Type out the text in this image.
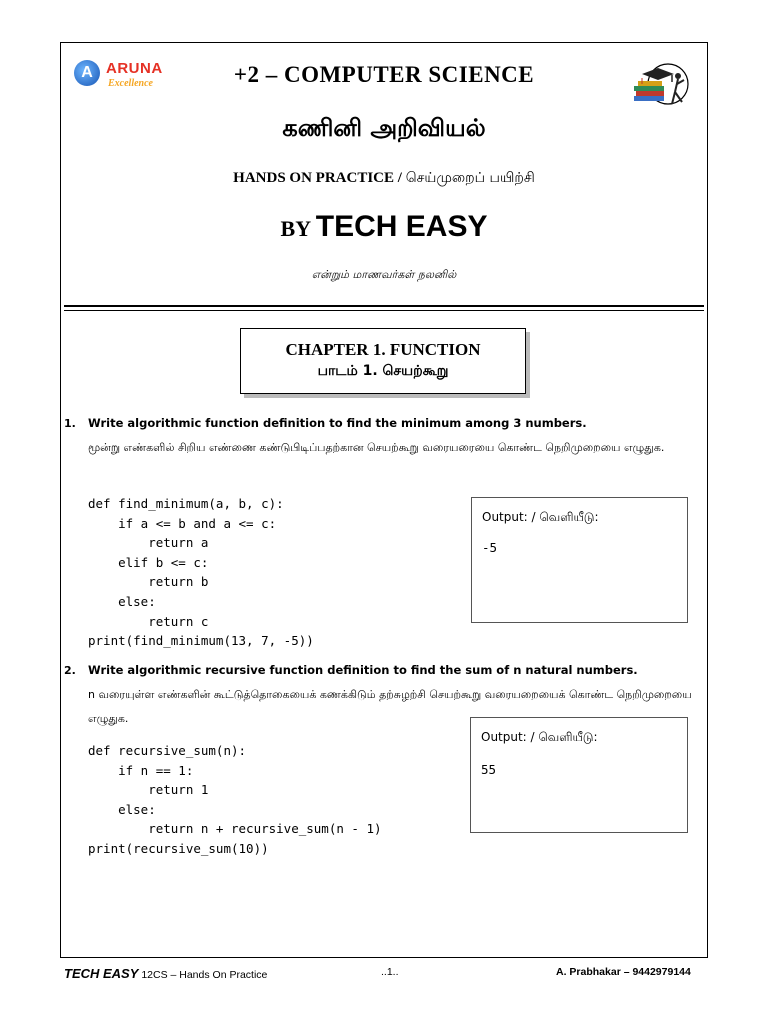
A ARUNA
Excellence	+2 – COMPUTER SCIENCE
கணினி அறிவியல்
HANDS ON PRACTICE / செய்முறைப் பயிற்சி
BY TECH EASY
என்றும் மாணவர்கள் நலனில்
CHAPTER 1. FUNCTION
பாடம் 1. செயற்கூறு
1. Write algorithmic function definition to find the minimum among 3 numbers.
மூன்று எண்களில் சிறிய எண்ணை கண்டுபிடிப்பதற்கான செயற்கூறு வரையரையை கொண்ட நெறிமுறையை எழுதுக.
def find_minimum(a, b, c):
if a <= b and a <= c:
return a
elif b <= c:
return b
else:
return c
print(find_minimum(13, 7, -5))
Output: / வெளியீடு:
-5
2. Write algorithmic recursive function definition to find the sum of n natural numbers.
n வரையுள்ள எண்களின் கூட்டுத்தொகையைக் கணக்கிடும் தற்சுழற்சி செயற்கூறு வரையறையைக் கொண்ட நெறிமுறையை எழுதுக.
def recursive_sum(n):
if n == 1:
return 1
else:
return n + recursive_sum(n - 1)
print(recursive_sum(10))
Output: / வெளியீடு:
55
TECH EASY 12CS – Hands On Practice	..1..	A. Prabhakar – 9442979144
